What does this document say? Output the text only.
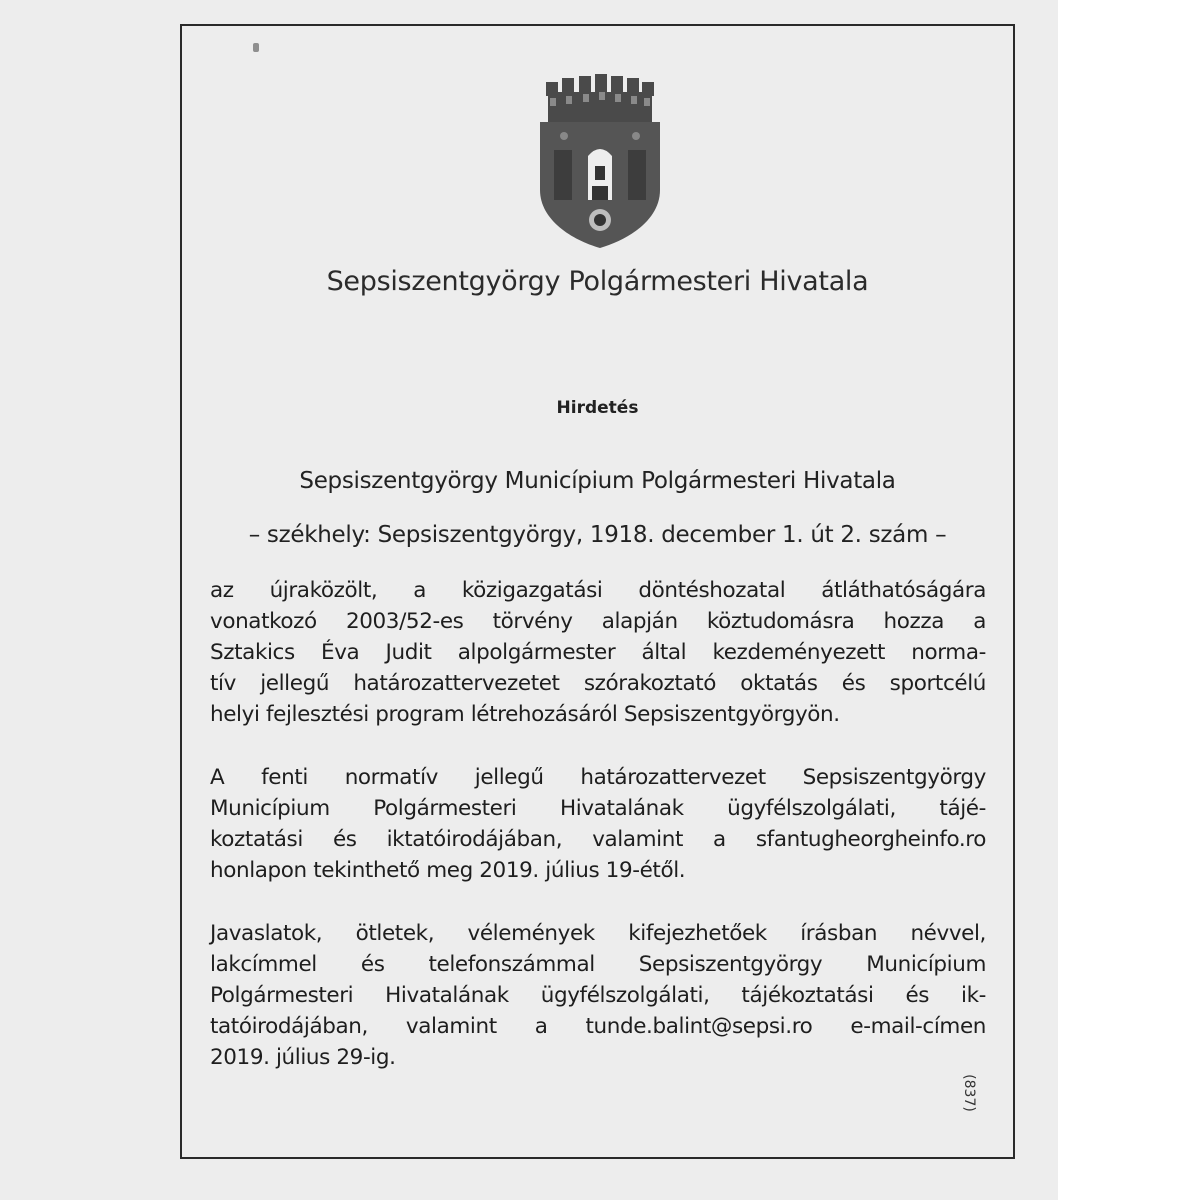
Sepsiszentgyörgy Polgármesteri Hivatala
Hirdetés
Sepsiszentgyörgy Municípium Polgármesteri Hivatala
– székhely: Sepsiszentgyörgy, 1918. december 1. út 2. szám –
az újraközölt, a közigazgatási döntéshozatal átláthatóságára
vonatkozó 2003/52-es törvény alapján köztudomásra hozza a
Sztakics Éva Judit alpolgármester által kezdeményezett norma-
tív jellegű határozattervezetet szórakoztató oktatás és sportcélú
helyi fejlesztési program létrehozásáról Sepsiszentgyörgyön.
A fenti normatív jellegű határozattervezet Sepsiszentgyörgy
Municípium Polgármesteri Hivatalának ügyfélszolgálati, tájé-
koztatási és iktatóirodájában, valamint a sfantugheorgheinfo.ro
honlapon tekinthető meg 2019. július 19-étől.
Javaslatok, ötletek, vélemények kifejezhetőek írásban névvel,
lakcímmel és telefonszámmal Sepsiszentgyörgy Municípium
Polgármesteri Hivatalának ügyfélszolgálati, tájékoztatási és ik-
tatóirodájában, valamint a tunde.balint@sepsi.ro e-mail-címen
2019. július 29-ig.
(837)
